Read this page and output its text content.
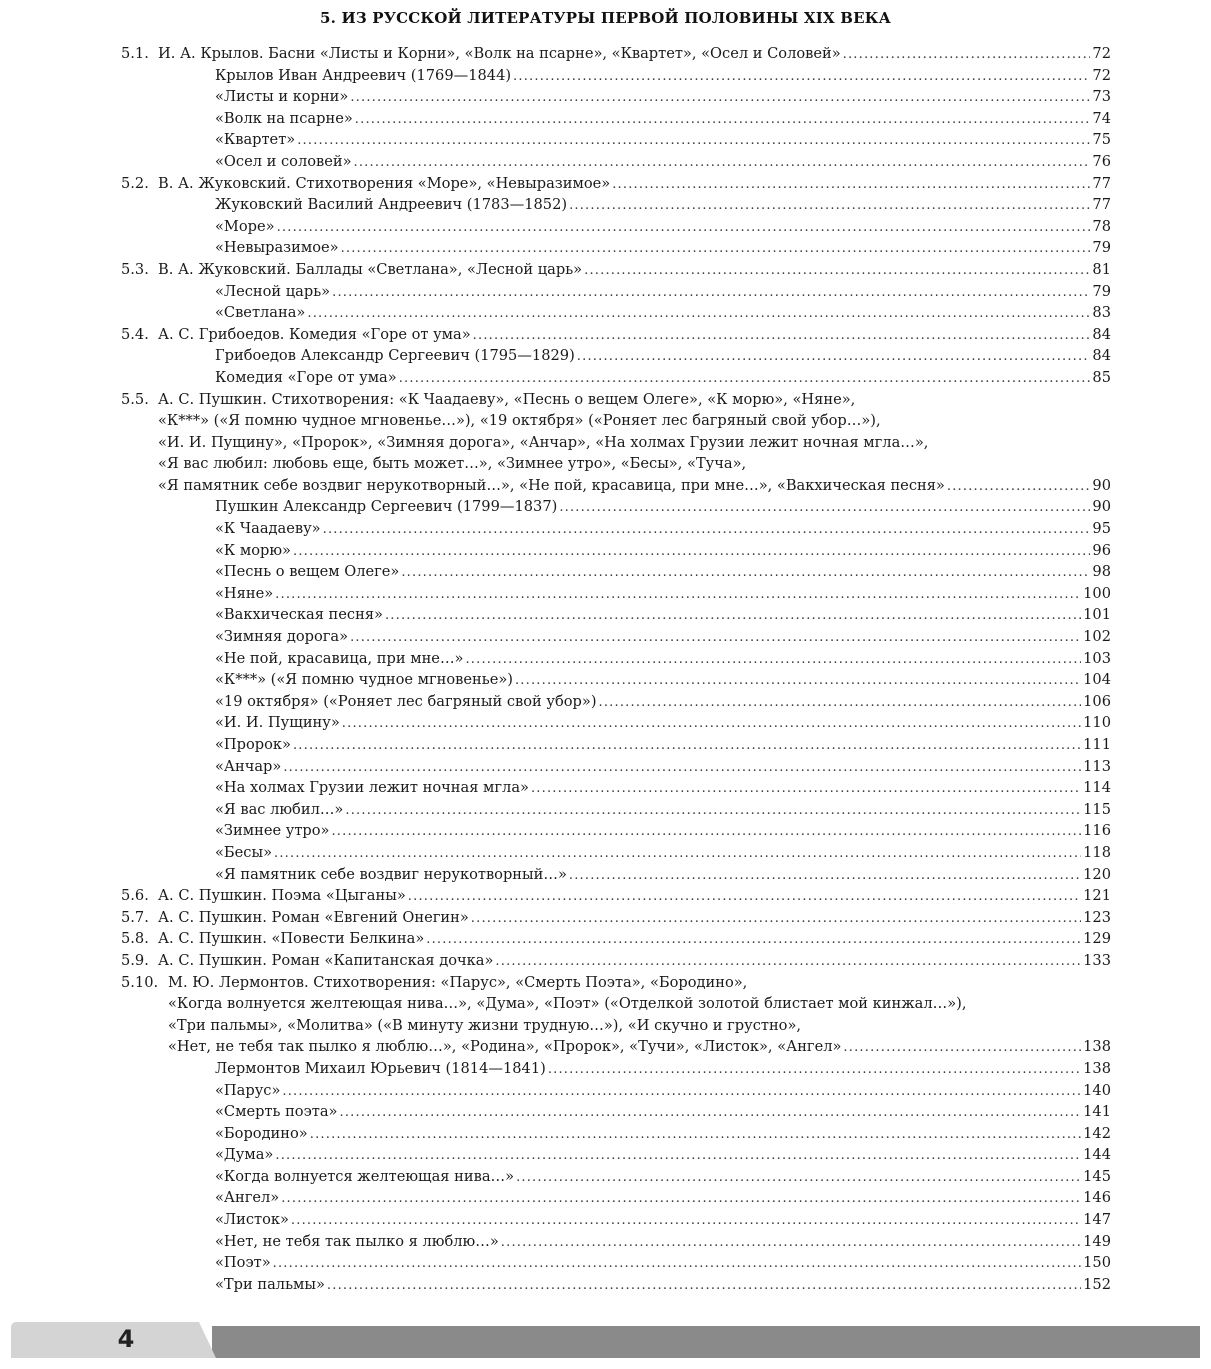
5. ИЗ РУССКОЙ ЛИТЕРАТУРЫ ПЕРВОЙ ПОЛОВИНЫ XIX ВЕКА
5.1. И. А. Крылов. Басни «Листы и Корни», «Волк на псарне», «Квартет», «Осел и Соловей» .....	72
Крылов Иван Андреевич (1769—1844) .....	72
«Листы и корни» .....	73
«Волк на псарне» .....	74
«Квартет» .....	75
«Осел и соловей» .....	76
5.2. В. А. Жуковский. Стихотворения «Море», «Невыразимое» .....	77
Жуковский Василий Андреевич (1783—1852) .....	77
«Море» .....	78
«Невыразимое» .....	79
5.3. В. А. Жуковский. Баллады «Светлана», «Лесной царь» .....	81
«Лесной царь» .....	79
«Светлана» .....	83
5.4. А. С. Грибоедов. Комедия «Горе от ума» .....	84
Грибоедов Александр Сергеевич (1795—1829) .....	84
Комедия «Горе от ума» .....	85
5.5. А. С. Пушкин. Стихотворения: «К Чаадаеву», «Песнь о вещем Олеге», «К морю», «Няне»,
«К***» («Я помню чудное мгновенье…»), «19 октября» («Роняет лес багряный свой убор…»),
«И. И. Пущину», «Пророк», «Зимняя дорога», «Анчар», «На холмах Грузии лежит ночная мгла…»,
«Я вас любил: любовь еще, быть может…», «Зимнее утро», «Бесы», «Туча»,
«Я памятник себе воздвиг нерукотворный…», «Не пой, красавица, при мне…», «Вакхическая песня» .....	90
Пушкин Александр Сергеевич (1799—1837) .....	90
«К Чаадаеву» .....	95
«К морю» .....	96
«Песнь о вещем Олеге» .....	98
«Няне» .....	100
«Вакхическая песня» .....	101
«Зимняя дорога» .....	102
«Не пой, красавица, при мне…» .....	103
«К***» («Я помню чудное мгновенье») .....	104
«19 октября» («Роняет лес багряный свой убор») .....	106
«И. И. Пущину» .....	110
«Пророк» .....	111
«Анчар» .....	113
«На холмах Грузии лежит ночная мгла» .....	114
«Я вас любил…» .....	115
«Зимнее утро» .....	116
«Бесы» .....	118
«Я памятник себе воздвиг нерукотворный…» .....	120
5.6. А. С. Пушкин. Поэма «Цыганы» .....	121
5.7. А. С. Пушкин. Роман «Евгений Онегин» .....	123
5.8. А. С. Пушкин. «Повести Белкина» .....	129
5.9. А. С. Пушкин. Роман «Капитанская дочка» .....	133
5.10. М. Ю. Лермонтов. Стихотворения: «Парус», «Смерть Поэта», «Бородино»,
«Когда волнуется желтеющая нива…», «Дума», «Поэт» («Отделкой золотой блистает мой кинжал…»),
«Три пальмы», «Молитва» («В минуту жизни трудную…»), «И скучно и грустно»,
«Нет, не тебя так пылко я люблю…», «Родина», «Пророк», «Тучи», «Листок», «Ангел» .....	138
Лермонтов Михаил Юрьевич (1814—1841) .....	138
«Парус» .....	140
«Смерть поэта» .....	141
«Бородино» .....	142
«Дума» .....	144
«Когда волнуется желтеющая нива…» .....	145
«Ангел» .....	146
«Листок» .....	147
«Нет, не тебя так пылко я люблю…» .....	149
«Поэт» .....	150
«Три пальмы» .....	152
4
